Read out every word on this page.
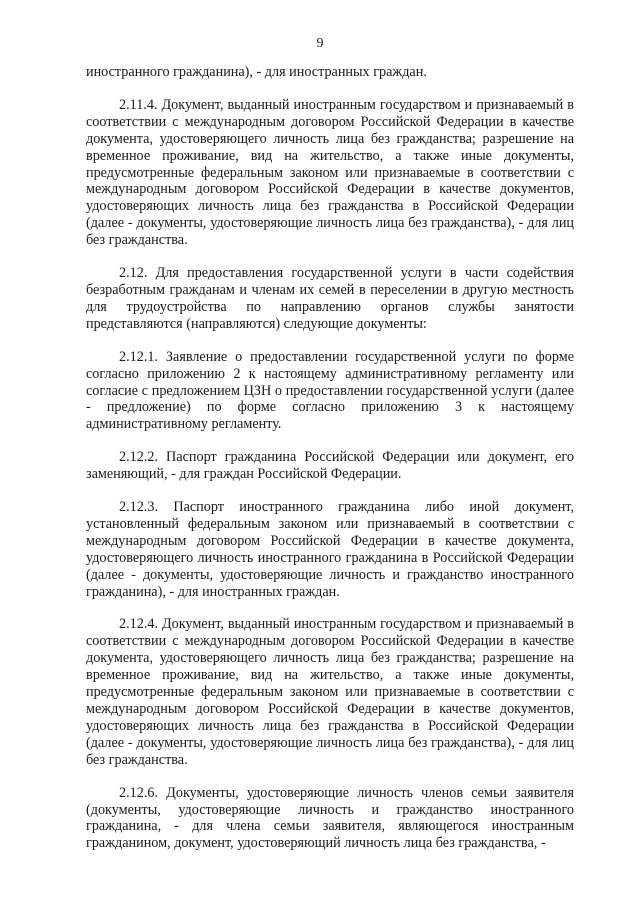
9

иностранного гражданина), - для иностранных граждан.

2.11.4. Документ, выданный иностранным государством и признаваемый в соответствии с международным договором Российской Федерации в качестве документа, удостоверяющего личность лица без гражданства; разрешение на временное проживание, вид на жительство, а также иные документы, предусмотренные федеральным законом или признаваемые в соответствии с международным договором Российской Федерации в качестве документов, удостоверяющих личность лица без гражданства в Российской Федерации (далее - документы, удостоверяющие личность лица без гражданства), - для лиц без гражданства.

2.12. Для предоставления государственной услуги в части содействия безработным гражданам и членам их семей в переселении в другую местность для трудоустройства по направлению органов службы занятости представляются (направляются) следующие документы:

2.12.1. Заявление о предоставлении государственной услуги по форме согласно приложению 2 к настоящему административному регламенту или согласие с предложением ЦЗН о предоставлении государственной услуги (далее - предложение) по форме согласно приложению 3 к настоящему административному регламенту.

2.12.2. Паспорт гражданина Российской Федерации или документ, его заменяющий, - для граждан Российской Федерации.

2.12.3. Паспорт иностранного гражданина либо иной документ, установленный федеральным законом или признаваемый в соответствии с международным договором Российской Федерации в качестве документа, удостоверяющего личность иностранного гражданина в Российской Федерации (далее - документы, удостоверяющие личность и гражданство иностранного гражданина), - для иностранных граждан.

2.12.4. Документ, выданный иностранным государством и признаваемый в соответствии с международным договором Российской Федерации в качестве документа, удостоверяющего личность лица без гражданства; разрешение на временное проживание, вид на жительство, а также иные документы, предусмотренные федеральным законом или признаваемые в соответствии с международным договором Российской Федерации в качестве документов, удостоверяющих личность лица без гражданства в Российской Федерации (далее - документы, удостоверяющие личность лица без гражданства), - для лиц без гражданства.

2.12.6. Документы, удостоверяющие личность членов семьи заявителя (документы, удостоверяющие личность и гражданство иностранного гражданина, - для члена семьи заявителя, являющегося иностранным гражданином, документ, удостоверяющий личность лица без гражданства, -
